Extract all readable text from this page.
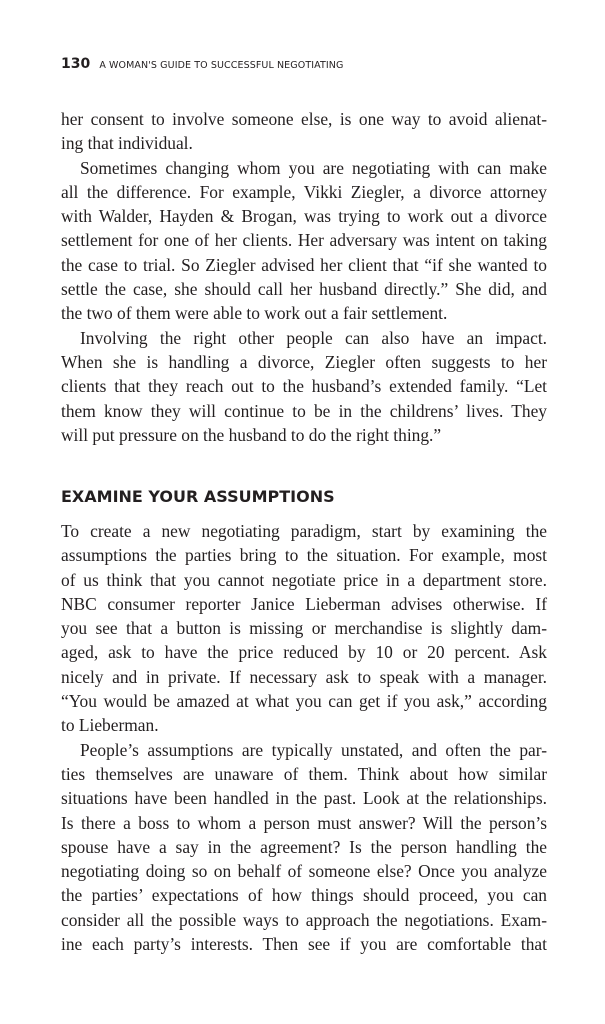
130 A WOMAN'S GUIDE TO SUCCESSFUL NEGOTIATING
her consent to involve someone else, is one way to avoid alienat-
ing that individual.
Sometimes changing whom you are negotiating with can make
all the difference. For example, Vikki Ziegler, a divorce attorney
with Walder, Hayden & Brogan, was trying to work out a divorce
settlement for one of her clients. Her adversary was intent on taking
the case to trial. So Ziegler advised her client that “if she wanted to
settle the case, she should call her husband directly.” She did, and
the two of them were able to work out a fair settlement.
Involving the right other people can also have an impact.
When she is handling a divorce, Ziegler often suggests to her
clients that they reach out to the husband’s extended family. “Let
them know they will continue to be in the childrens’ lives. They
will put pressure on the husband to do the right thing.”
EXAMINE YOUR ASSUMPTIONS
To create a new negotiating paradigm, start by examining the
assumptions the parties bring to the situation. For example, most
of us think that you cannot negotiate price in a department store.
NBC consumer reporter Janice Lieberman advises otherwise. If
you see that a button is missing or merchandise is slightly dam-
aged, ask to have the price reduced by 10 or 20 percent. Ask
nicely and in private. If necessary ask to speak with a manager.
“You would be amazed at what you can get if you ask,” according
to Lieberman.
People’s assumptions are typically unstated, and often the par-
ties themselves are unaware of them. Think about how similar
situations have been handled in the past. Look at the relationships.
Is there a boss to whom a person must answer? Will the person’s
spouse have a say in the agreement? Is the person handling the
negotiating doing so on behalf of someone else? Once you analyze
the parties’ expectations of how things should proceed, you can
consider all the possible ways to approach the negotiations. Exam-
ine each party’s interests. Then see if you are comfortable that
